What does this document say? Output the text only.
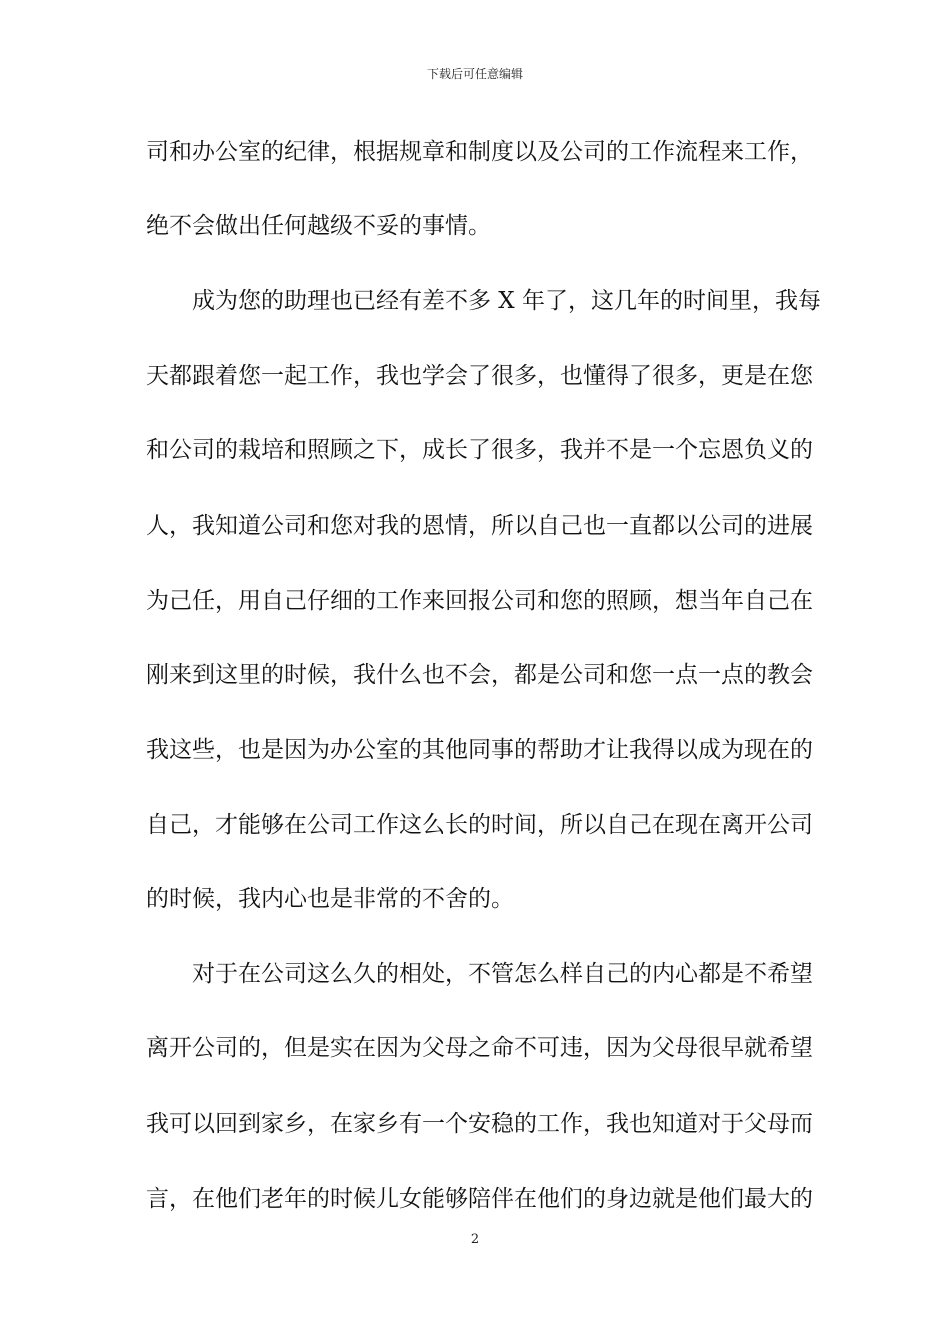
下载后可任意编辑
司和办公室的纪律，根据规章和制度以及公司的工作流程来工作，
绝不会做出任何越级不妥的事情。
成为您的助理也已经有差不多 X 年了，这几年的时间里，我每
天都跟着您一起工作，我也学会了很多，也懂得了很多，更是在您
和公司的栽培和照顾之下，成长了很多，我并不是一个忘恩负义的
人，我知道公司和您对我的恩情，所以自己也一直都以公司的进展
为己任，用自己仔细的工作来回报公司和您的照顾，想当年自己在
刚来到这里的时候，我什么也不会，都是公司和您一点一点的教会
我这些，也是因为办公室的其他同事的帮助才让我得以成为现在的
自己，才能够在公司工作这么长的时间，所以自己在现在离开公司
的时候，我内心也是非常的不舍的。
对于在公司这么久的相处，不管怎么样自己的内心都是不希望
离开公司的，但是实在因为父母之命不可违，因为父母很早就希望
我可以回到家乡，在家乡有一个安稳的工作，我也知道对于父母而
言，在他们老年的时候儿女能够陪伴在他们的身边就是他们最大的
2
